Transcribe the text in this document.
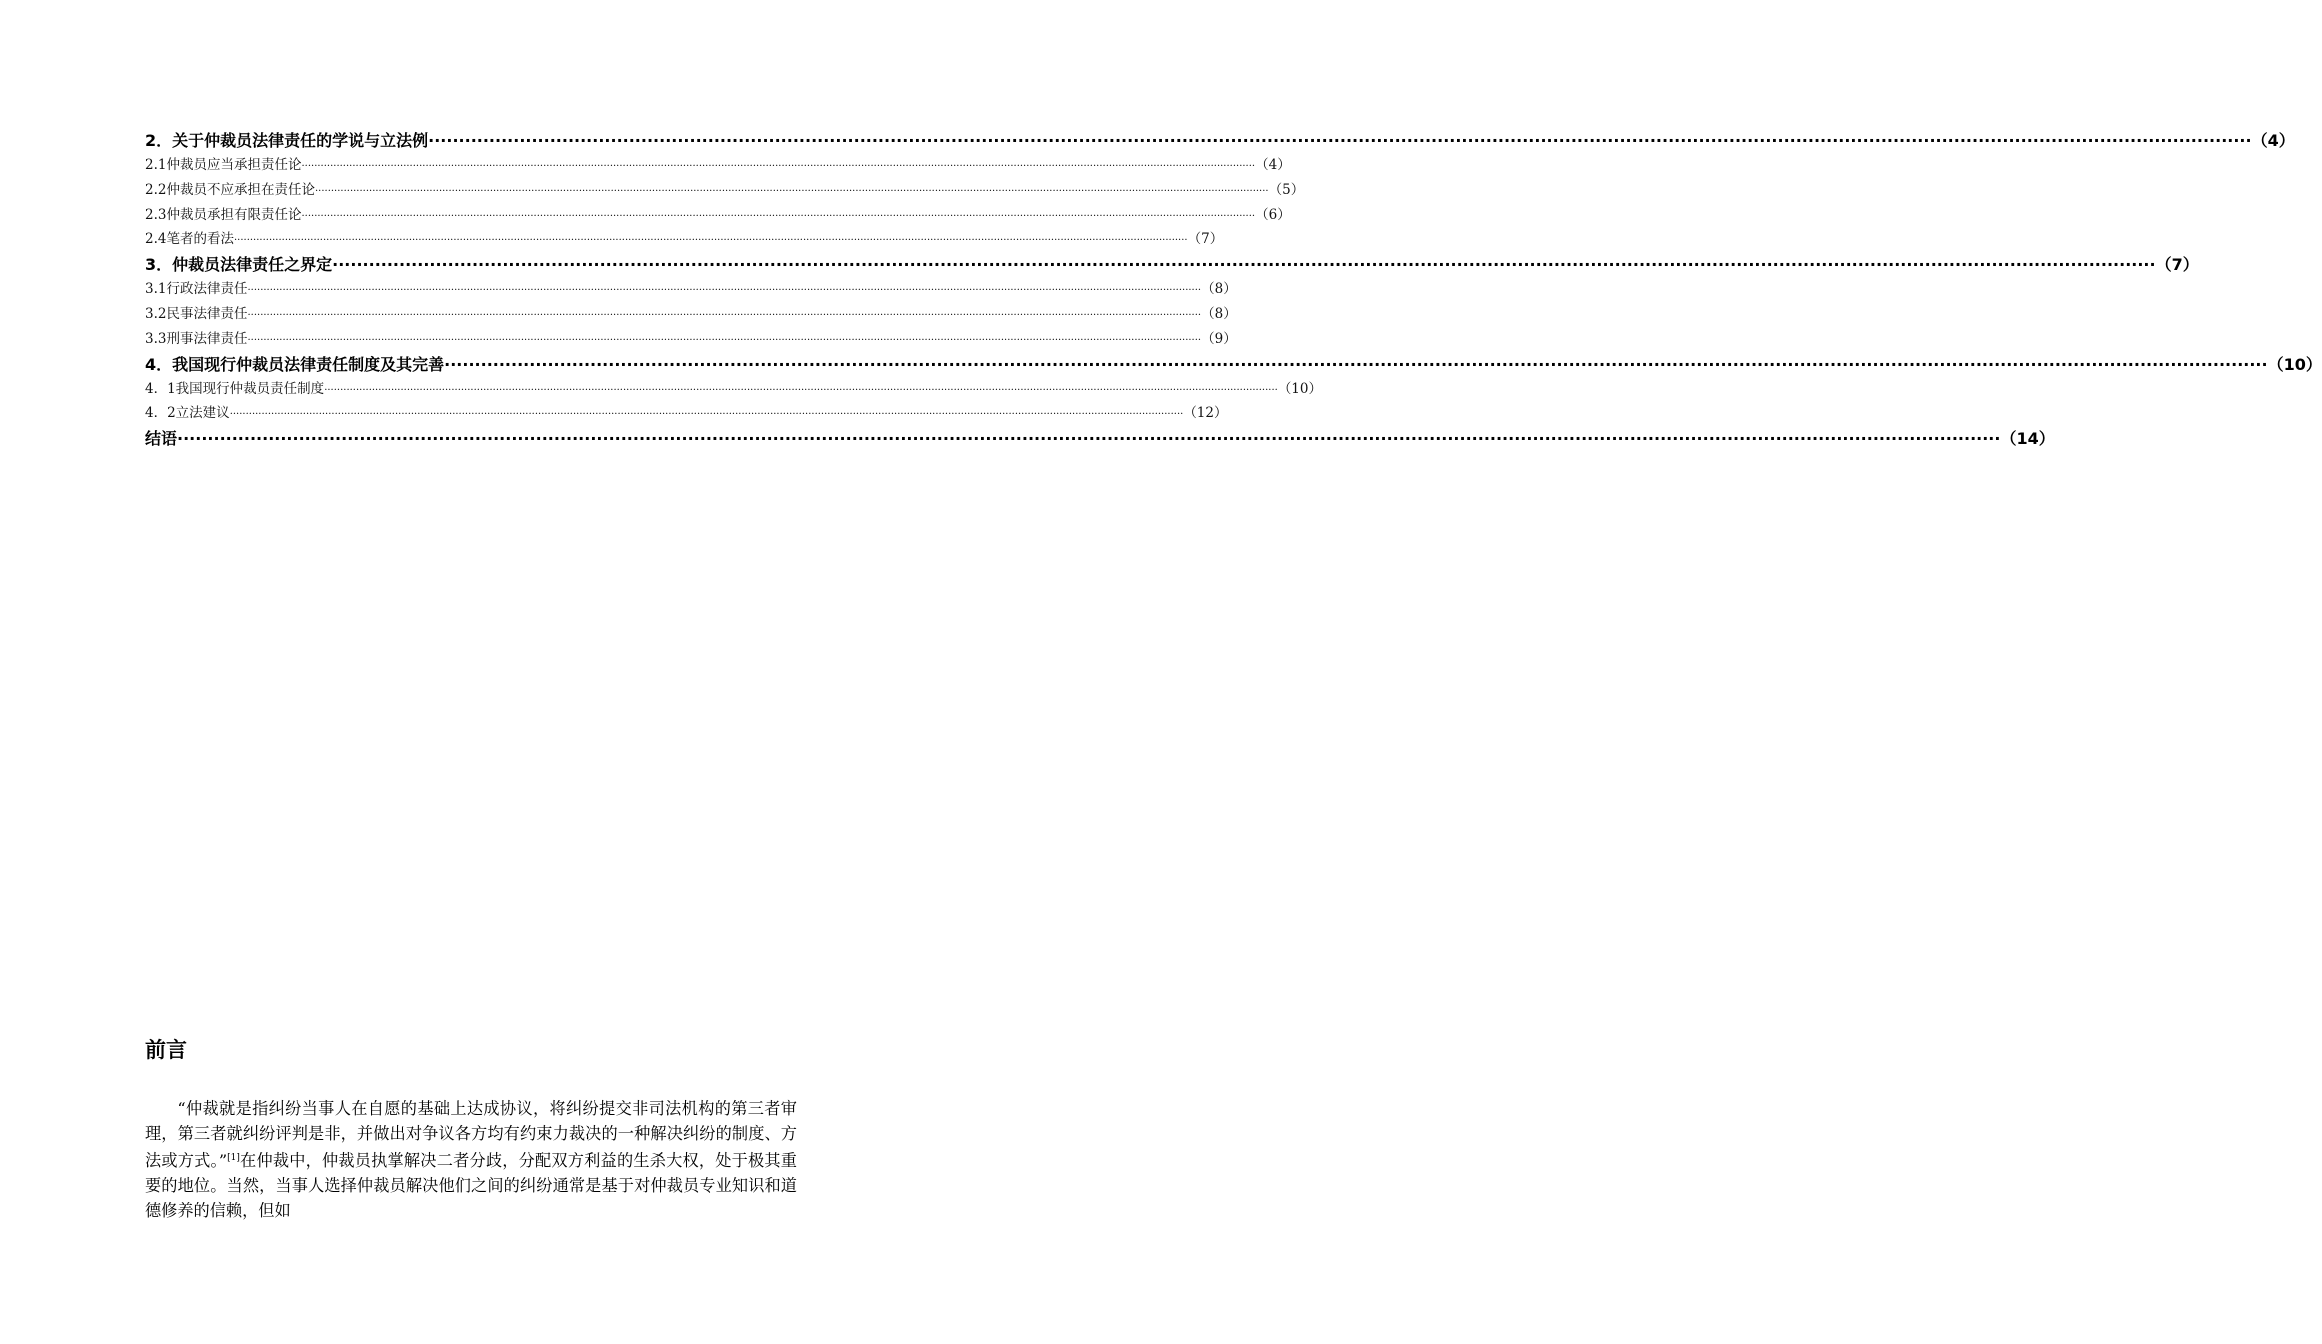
2．关于仲裁员法律责任的学说与立法例 ············································································································································································································································································································ （4）
2.1仲裁员应当承担责任论 ············································································································································································································································································································ （4）
2.2仲裁员不应承担在责任论 ············································································································································································································································································································ （5）
2.3仲裁员承担有限责任论 ············································································································································································································································································································ （6）
2.4笔者的看法 ············································································································································································································································································································ （7）
3．仲裁员法律责任之界定 ············································································································································································································································································································ （7）
3.1行政法律责任 ············································································································································································································································································································ （8）
3.2民事法律责任 ············································································································································································································································································································ （8）
3.3刑事法律责任 ············································································································································································································································································································ （9）
4．我国现行仲裁员法律责任制度及其完善 ············································································································································································································································································································ （10）
4．1我国现行仲裁员责任制度 ············································································································································································································································································································ （10）
4．2立法建议 ············································································································································································································································································································ （12）
结语 ············································································································································································································································································································ （14）
前言
“仲裁就是指纠纷当事人在自愿的基础上达成协议，将纠纷提交非司法机构的第三者审理，第三者就纠纷评判是非，并做出对争议各方均有约束力裁决的一种解决纠纷的制度、方法或方式。”[1]在仲裁中，仲裁员执掌解决二者分歧，分配双方利益的生杀大权，处于极其重要的地位。当然，当事人选择仲裁员解决他们之间的纠纷通常是基于对仲裁员专业知识和道德修养的信赖，但如
